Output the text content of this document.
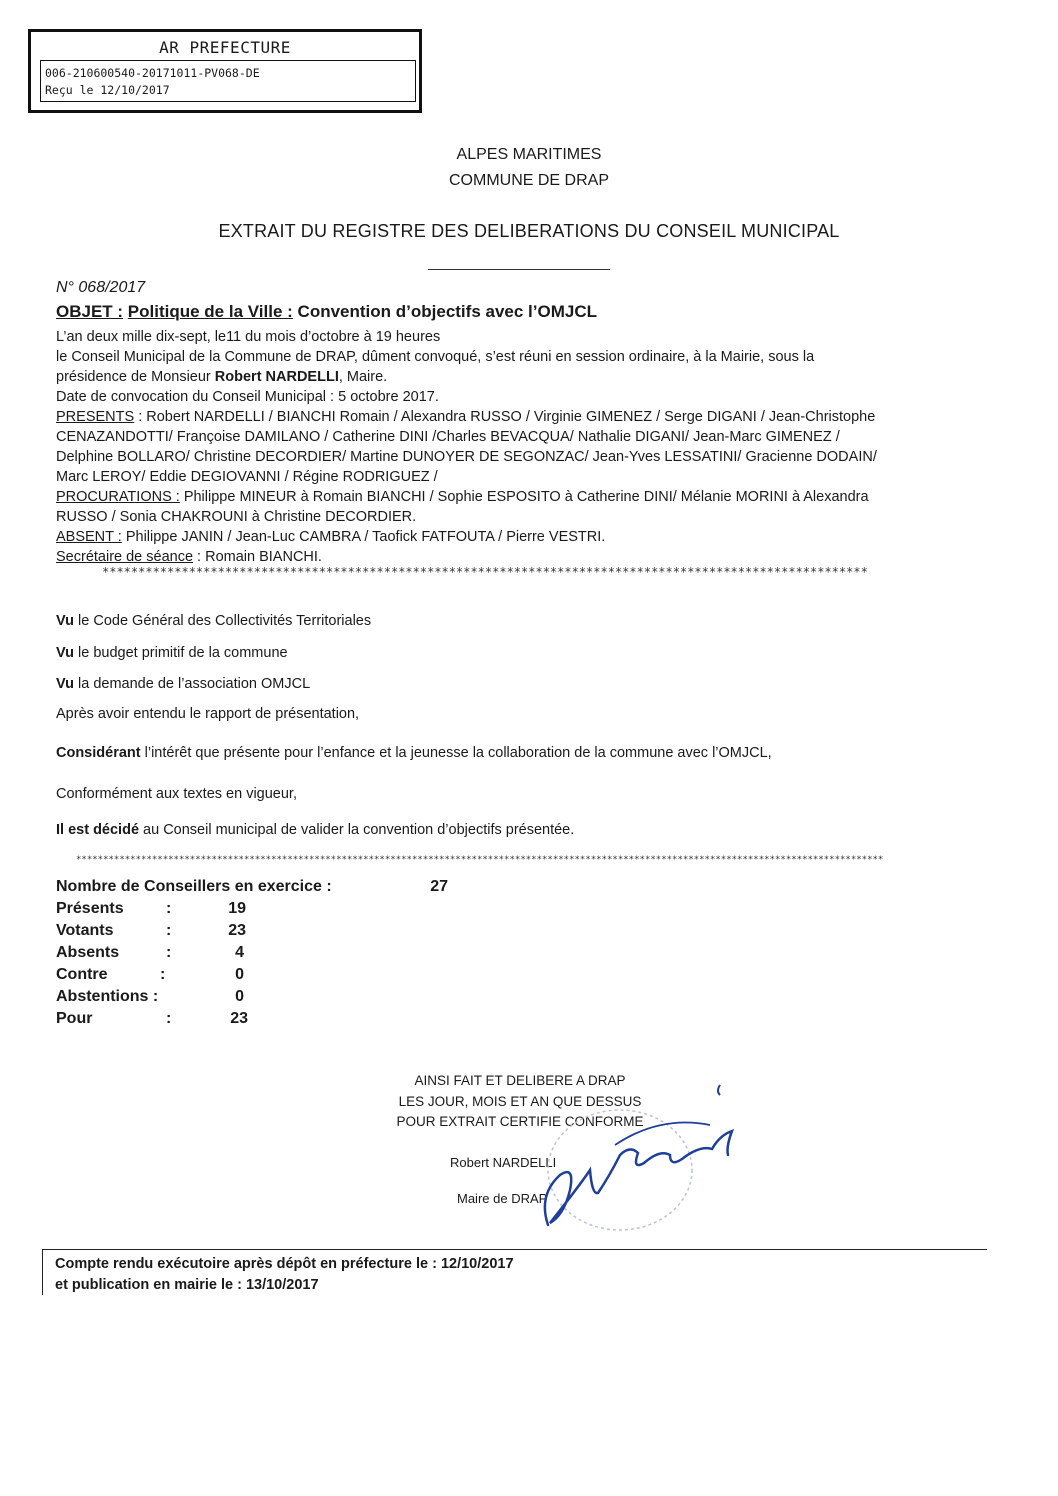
AR PREFECTURE
006-210600540-20171011-PV068-DE
Reçu le 12/10/2017
ALPES MARITIMES
COMMUNE DE DRAP
EXTRAIT DU REGISTRE DES DELIBERATIONS DU CONSEIL MUNICIPAL
N° 068/2017
OBJET : Politique de la Ville : Convention d’objectifs avec l’OMJCL
L’an deux mille dix-sept, le11 du mois d’octobre à 19 heures
le Conseil Municipal de la Commune de DRAP, dûment convoqué, s’est réuni en session ordinaire, à la Mairie, sous la
présidence de Monsieur Robert NARDELLI, Maire.
Date de convocation du Conseil Municipal : 5 octobre 2017.
PRESENTS : Robert NARDELLI / BIANCHI Romain / Alexandra RUSSO / Virginie GIMENEZ / Serge DIGANI / Jean-Christophe
CENAZANDOTTI/ Françoise DAMILANO / Catherine DINI /Charles BEVACQUA/ Nathalie DIGANI/ Jean-Marc GIMENEZ /
Delphine BOLLARO/ Christine DECORDIER/ Martine DUNOYER DE SEGONZAC/ Jean-Yves LESSATINI/ Gracienne DODAIN/
Marc LEROY/ Eddie DEGIOVANNI / Régine RODRIGUEZ /
PROCURATIONS : Philippe MINEUR à Romain BIANCHI / Sophie ESPOSITO à Catherine DINI/ Mélanie MORINI à Alexandra
RUSSO / Sonia CHAKROUNI à Christine DECORDIER.
ABSENT : Philippe JANIN / Jean-Luc CAMBRA / Taofick FATFOUTA / Pierre VESTRI.
Secrétaire de séance : Romain BIANCHI.
**********************************************************************************************************
Vu le Code Général des Collectivités Territoriales
Vu le budget primitif de la commune
Vu la demande de l’association OMJCL
Après avoir entendu le rapport de présentation,
Considérant l’intérêt que présente pour l’enfance et la jeunesse la collaboration de la commune avec l’OMJCL,
Conformément aux textes en vigueur,
Il est décidé au Conseil municipal de valider la convention d’objectifs présentée.
*****************************************************************************************************************************************************
Nombre de Conseillers en exercice :	27
Présents	:	19
Votants	:	23
Absents	:	4
Contre	:	0
Abstentions :	0
Pour	:	23
AINSI FAIT ET DELIBERE A DRAP
LES JOUR, MOIS ET AN QUE DESSUS
POUR EXTRAIT CERTIFIE CONFORME
Robert NARDELLI
Maire de DRAP
Compte rendu exécutoire après dépôt en préfecture le : 12/10/2017
et publication en mairie le : 13/10/2017
